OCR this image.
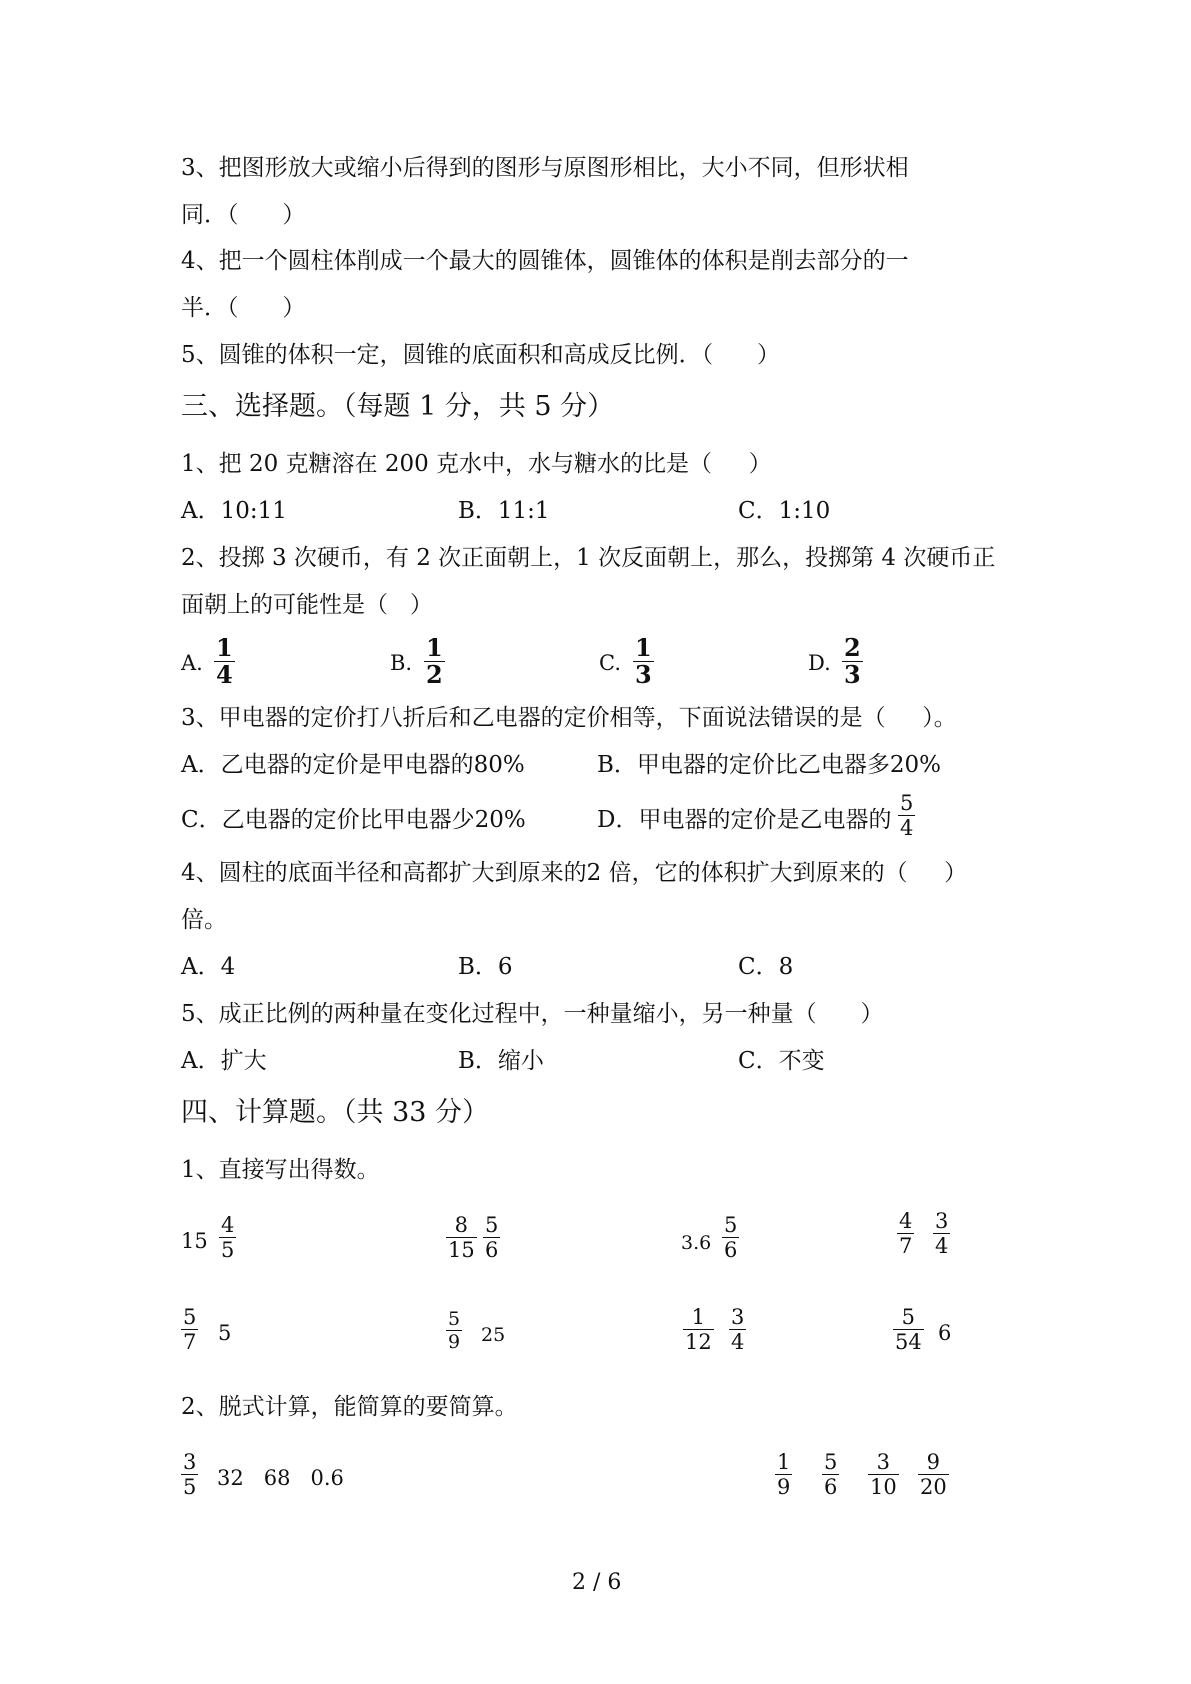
3、把图形放大或缩小后得到的图形与原图形相比，大小不同，但形状相
同．（      ）
4、把一个圆柱体削成一个最大的圆锥体，圆锥体的体积是削去部分的一
半．（      ）
5、圆锥的体积一定，圆锥的底面积和高成反比例．（      ）
三、选择题。（每题 1 分，共 5 分）
1、把 20 克糖溶在 200 克水中，水与糖水的比是（     ）
A．10:11	B．11:1	C．1:10
2、投掷 3 次硬币，有 2 次正面朝上，1 次反面朝上，那么，投掷第 4 次硬币正
面朝上的可能性是（   ）
A. $\frac{1}{4}$	B. $\frac{1}{2}$	C. $\frac{1}{3}$	D. $\frac{2}{3}$
3、甲电器的定价打八折后和乙电器的定价相等，下面说法错误的是（     ）。
A．乙电器的定价是甲电器的80%	B．甲电器的定价比乙电器多20%
C．乙电器的定价比甲电器少20%	D．甲电器的定价是乙电器的 $\frac{5}{4}$
4、圆柱的底面半径和高都扩大到原来的2 倍，它的体积扩大到原来的（     ）
倍。
A．4	B．6	C．8
5、成正比例的两种量在变化过程中，一种量缩小，另一种量（      ）
A．扩大	B．缩小	C．不变
四、计算题。（共 33 分）
1、直接写出得数。
$15 \frac{4}{5}$	$\frac{8}{15} \frac{5}{6}$	$3.6 \frac{5}{6}$	$\frac{4}{7} \frac{3}{4}$
$\frac{5}{7} 5$	$\frac{5}{9} 25$	$\frac{1}{12} \frac{3}{4}$	$\frac{5}{54} 6$
2、脱式计算，能简算的要简算。
$\frac{3}{5} 32$   68   0.6	$\frac{1}{9} \frac{5}{6} \frac{3}{10} \frac{9}{20}$
2 / 6
